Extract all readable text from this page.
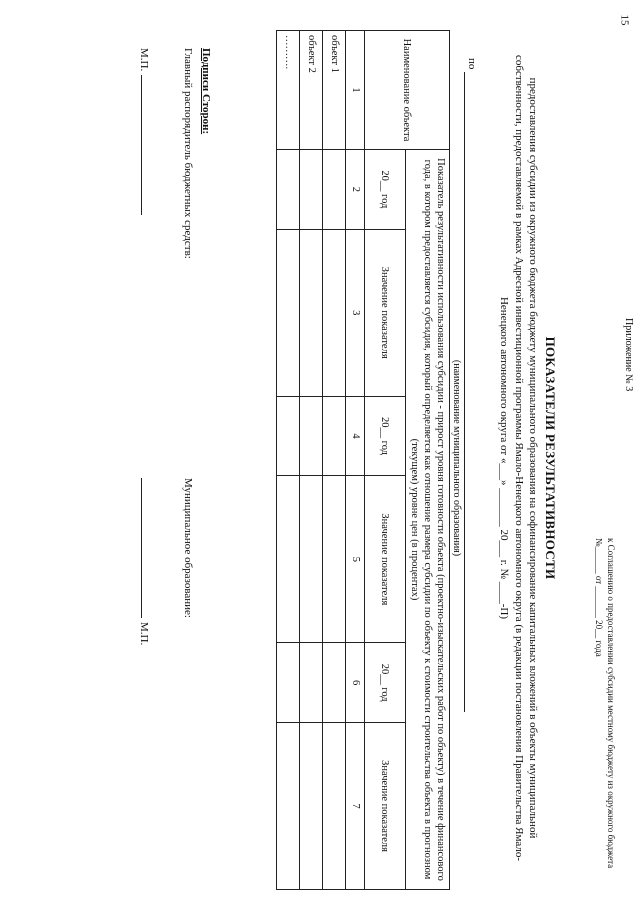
15
Приложение № 3
к Соглашению о предоставлении субсидии местному бюджету из окружного бюджета №______ от _______ 20__ года
ПОКАЗАТЕЛИ РЕЗУЛЬТАТИВНОСТИ
предоставления субсидии из окружного бюджета бюджету муниципального образования на софинансирование капитальных вложений в объекты муниципальной собственности, предоставляемой в рамках Адресной инвестиционной программы Ямало-Ненецкого автономного округа (в редакции постановления Правительства Ямало-Ненецкого автономного округа от «___» _______ 20___ г. № ____-П)
по
(наименование муниципального образования)
Наименование объекта	Показатель результативности использования субсидии - прирост уровня готовности объекта (проектно-изыскательских работ по объекту) в течение финансового года, в котором предоставляется субсидия, который определяется как отношение размера субсидии по объекту к стоимости строительства объекта в прогнозном (текущем) уровне цен (в процентах)					
	20__ год	Значение показателя	20__ год	Значение показателя	20__ год	Значение показателя
1	2	3	4	5	6	7
объект 1						
объект 2						
……….						
Подписи Сторон:
Главный распорядитель бюджетных средств:
Муниципальное образование:
М.П.
М.П.
